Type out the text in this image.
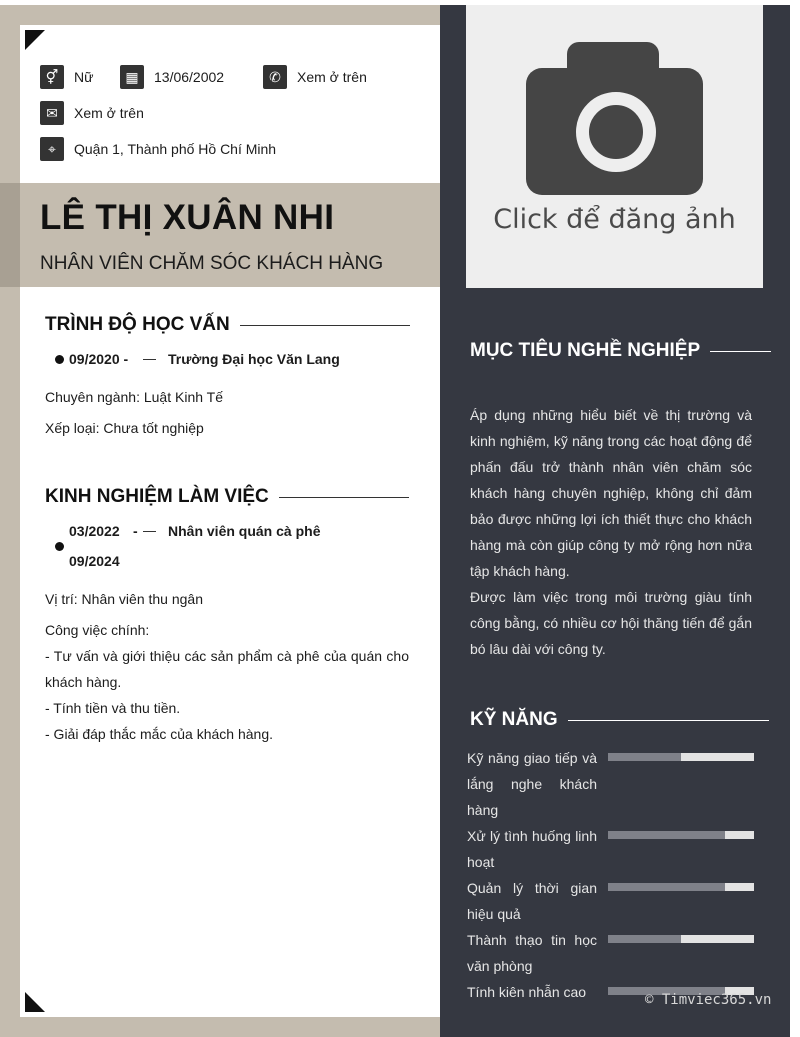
Click để đăng ảnh
⚥	Nữ	▦	13/06/2002	✆	Xem ở trên
✉	Xem ở trên
⌖	Quận 1, Thành phố Hồ Chí Minh
LÊ THỊ XUÂN NHI
NHÂN VIÊN CHĂM SÓC KHÁCH HÀNG
TRÌNH ĐỘ HỌC VẤN
09/2020 -	Trường Đại học Văn Lang
Chuyên ngành: Luật Kinh Tế
Xếp loại: Chưa tốt nghiệp
KINH NGHIỆM LÀM VIỆC
03/2022 - Nhân viên quán cà phê
09/2024
Vị trí: Nhân viên thu ngân
Công việc chính:
- Tư vấn và giới thiệu các sản phẩm cà phê của quán cho khách hàng.
- Tính tiền và thu tiền.
- Giải đáp thắc mắc của khách hàng.
MỤC TIÊU NGHỀ NGHIỆP
Áp dụng những hiểu biết về thị trường và kinh nghiệm, kỹ năng trong các hoạt động để phấn đấu trở thành nhân viên chăm sóc khách hàng chuyên nghiệp, không chỉ đảm bảo được những lợi ích thiết thực cho khách hàng mà còn giúp công ty mở rộng hơn nữa tập khách hàng.
Được làm việc trong môi trường giàu tính công bằng, có nhiều cơ hội thăng tiến để gắn bó lâu dài với công ty.
KỸ NĂNG
Kỹ năng giao tiếp và lắng nghe khách hàng
Xử lý tình huống linh hoạt
Quản lý thời gian hiệu quả
Thành thạo tin học văn phòng
Tính kiên nhẫn cao	© Timviec365.vn
